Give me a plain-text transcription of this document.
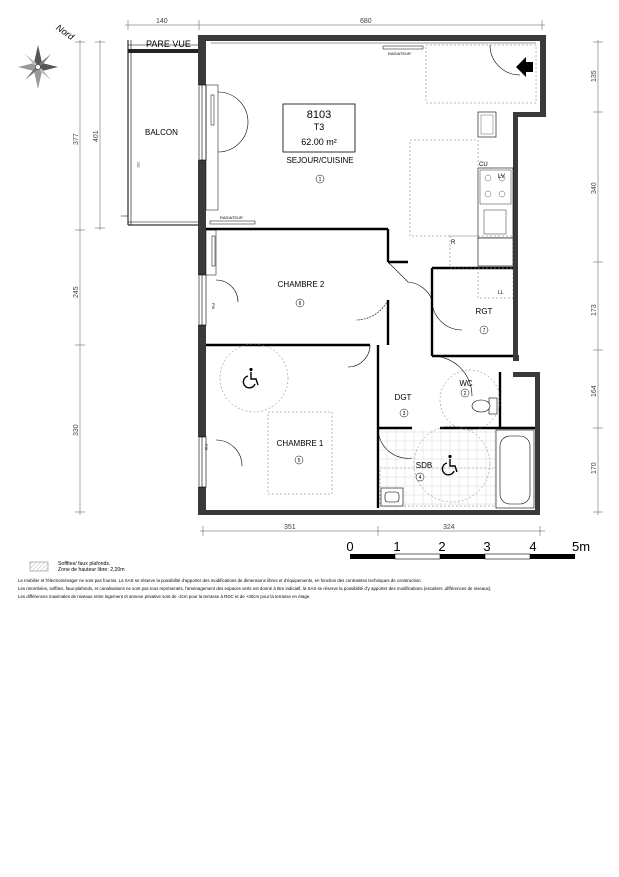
Nord
140	680
377 401
245
330
135
340
173
164
170
351	324
PARE VUE
BALCON
OE
FIX
FIX
CU
LV
LL
R
RADIATEUR
RADIATEUR
8103
T3
62.00 m²
SEJOUR/CUISINE
1
CHAMBRE 2
6
CHAMBRE 1
5
RGT
7
DGT
3
WC
2
SDB
4
0	1	2	3	4	5m
Soffites/ faux plafonds.
Zone de hauteur libre: 2,20m
Le mobilier et l'électroménager ne sont pas fournis. La SAS se réserve la possibilité d'apporter des modifications de dimensions libres et d'équipements, en fonction des contraintes techniques de construction.
Les retombées, soffites, faux-plafonds, et canalisations ne sont pas tous représentés, l'aménagement des espaces verts est donné à titre indicatif, la SAS se réserve la possibilité d'y apporter des modifications (escaliers ,différences de niveaux).
Les différences maximales de niveaux entre logement et annexe privative sont de -2cm pour la terrasse à RDC et de +30cm pour la terrasse en étage.
